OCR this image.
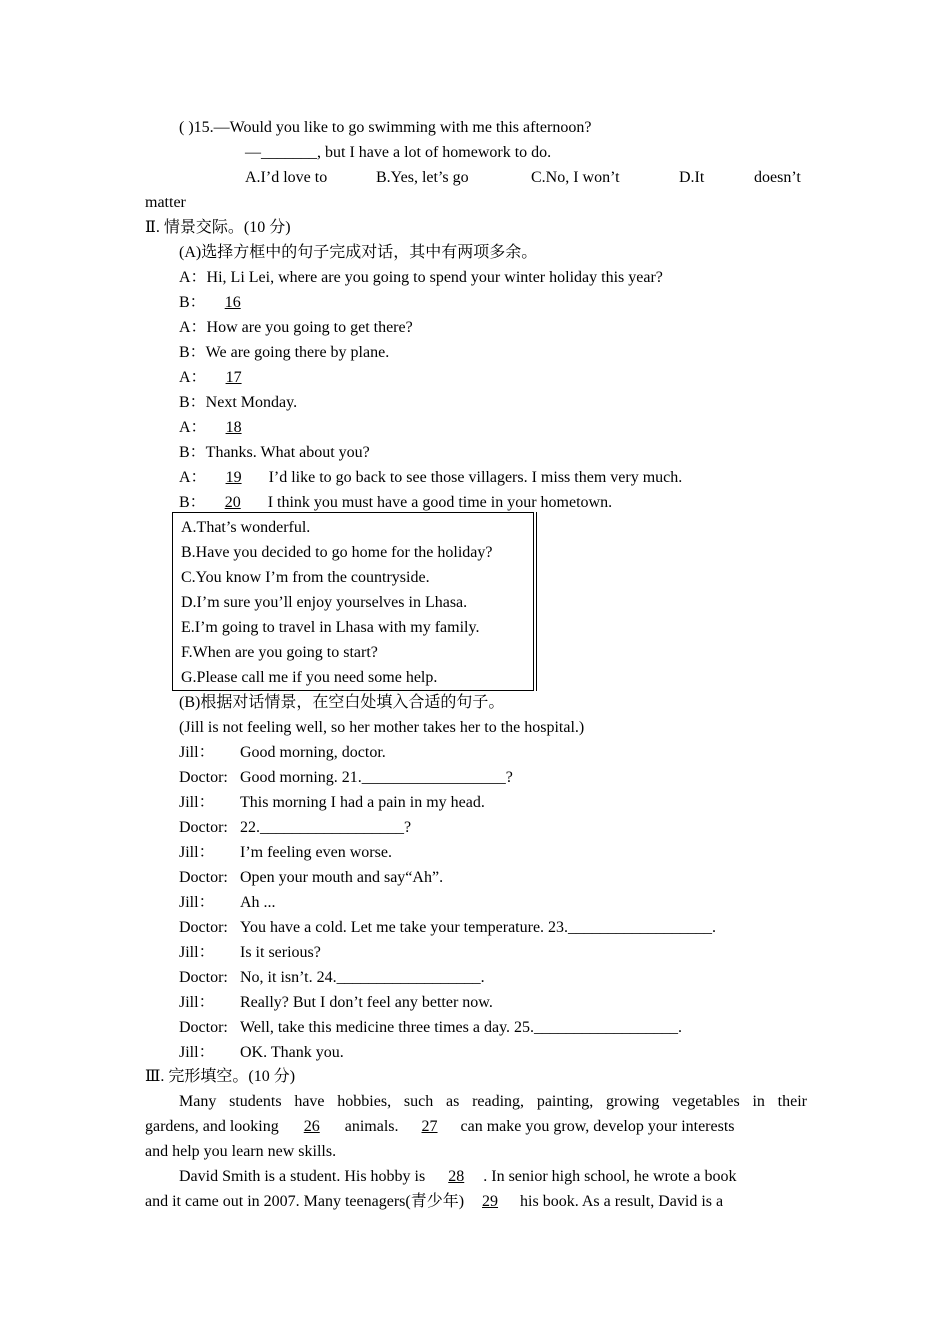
( )15.—Would you like to go swimming with me this afternoon?
—_______, but I have a lot of homework to do.
A.I’d love to	B.Yes, let’s go	C.No, I won’t	D.It	doesn’t
matter
Ⅱ. 情景交际。(10 分)
(A)选择方框中的句子完成对话，其中有两项多余。
A：Hi, Li Lei, where are you going to spend your winter holiday this year?
B： 16
A：How are you going to get there?
B：We are going there by plane.
A： 17
B：Next Monday.
A： 18
B：Thanks. What about you?
A： 19 I’d like to go back to see those villagers. I miss them very much.
B： 20 I think you must have a good time in your hometown.
A.That’s wonderful.
B.Have you decided to go home for the holiday?
C.You know I’m from the countryside.
D.I’m sure you’ll enjoy yourselves in Lhasa.
E.I’m going to travel in Lhasa with my family.
F.When are you going to start?
G.Please call me if you need some help.
(B)根据对话情景，在空白处填入合适的句子。
(Jill is not feeling well, so her mother takes her to the hospital.)
Jill： Good morning, doctor.
Doctor: Good morning. 21.__________________?
Jill： This morning I had a pain in my head.
Doctor: 22.__________________?
Jill： I’m feeling even worse.
Doctor: Open your mouth and say“Ah”.
Jill： Ah ...
Doctor: You have a cold. Let me take your temperature. 23.__________________.
Jill： Is it serious?
Doctor: No, it isn’t. 24.__________________.
Jill： Really? But I don’t feel any better now.
Doctor: Well, take this medicine three times a day. 25.__________________.
Jill： OK. Thank you.
Ⅲ. 完形填空。(10 分)
Many students have hobbies, such as reading, painting, growing vegetables in their
gardens, and looking 26 animals. 27 can make you grow, develop your interests
and help you learn new skills.
David Smith is a student. His hobby is 28 . In senior high school, he wrote a book
and it came out in 2007. Many teenagers(青少年) 29 his book. As a result, David is a
